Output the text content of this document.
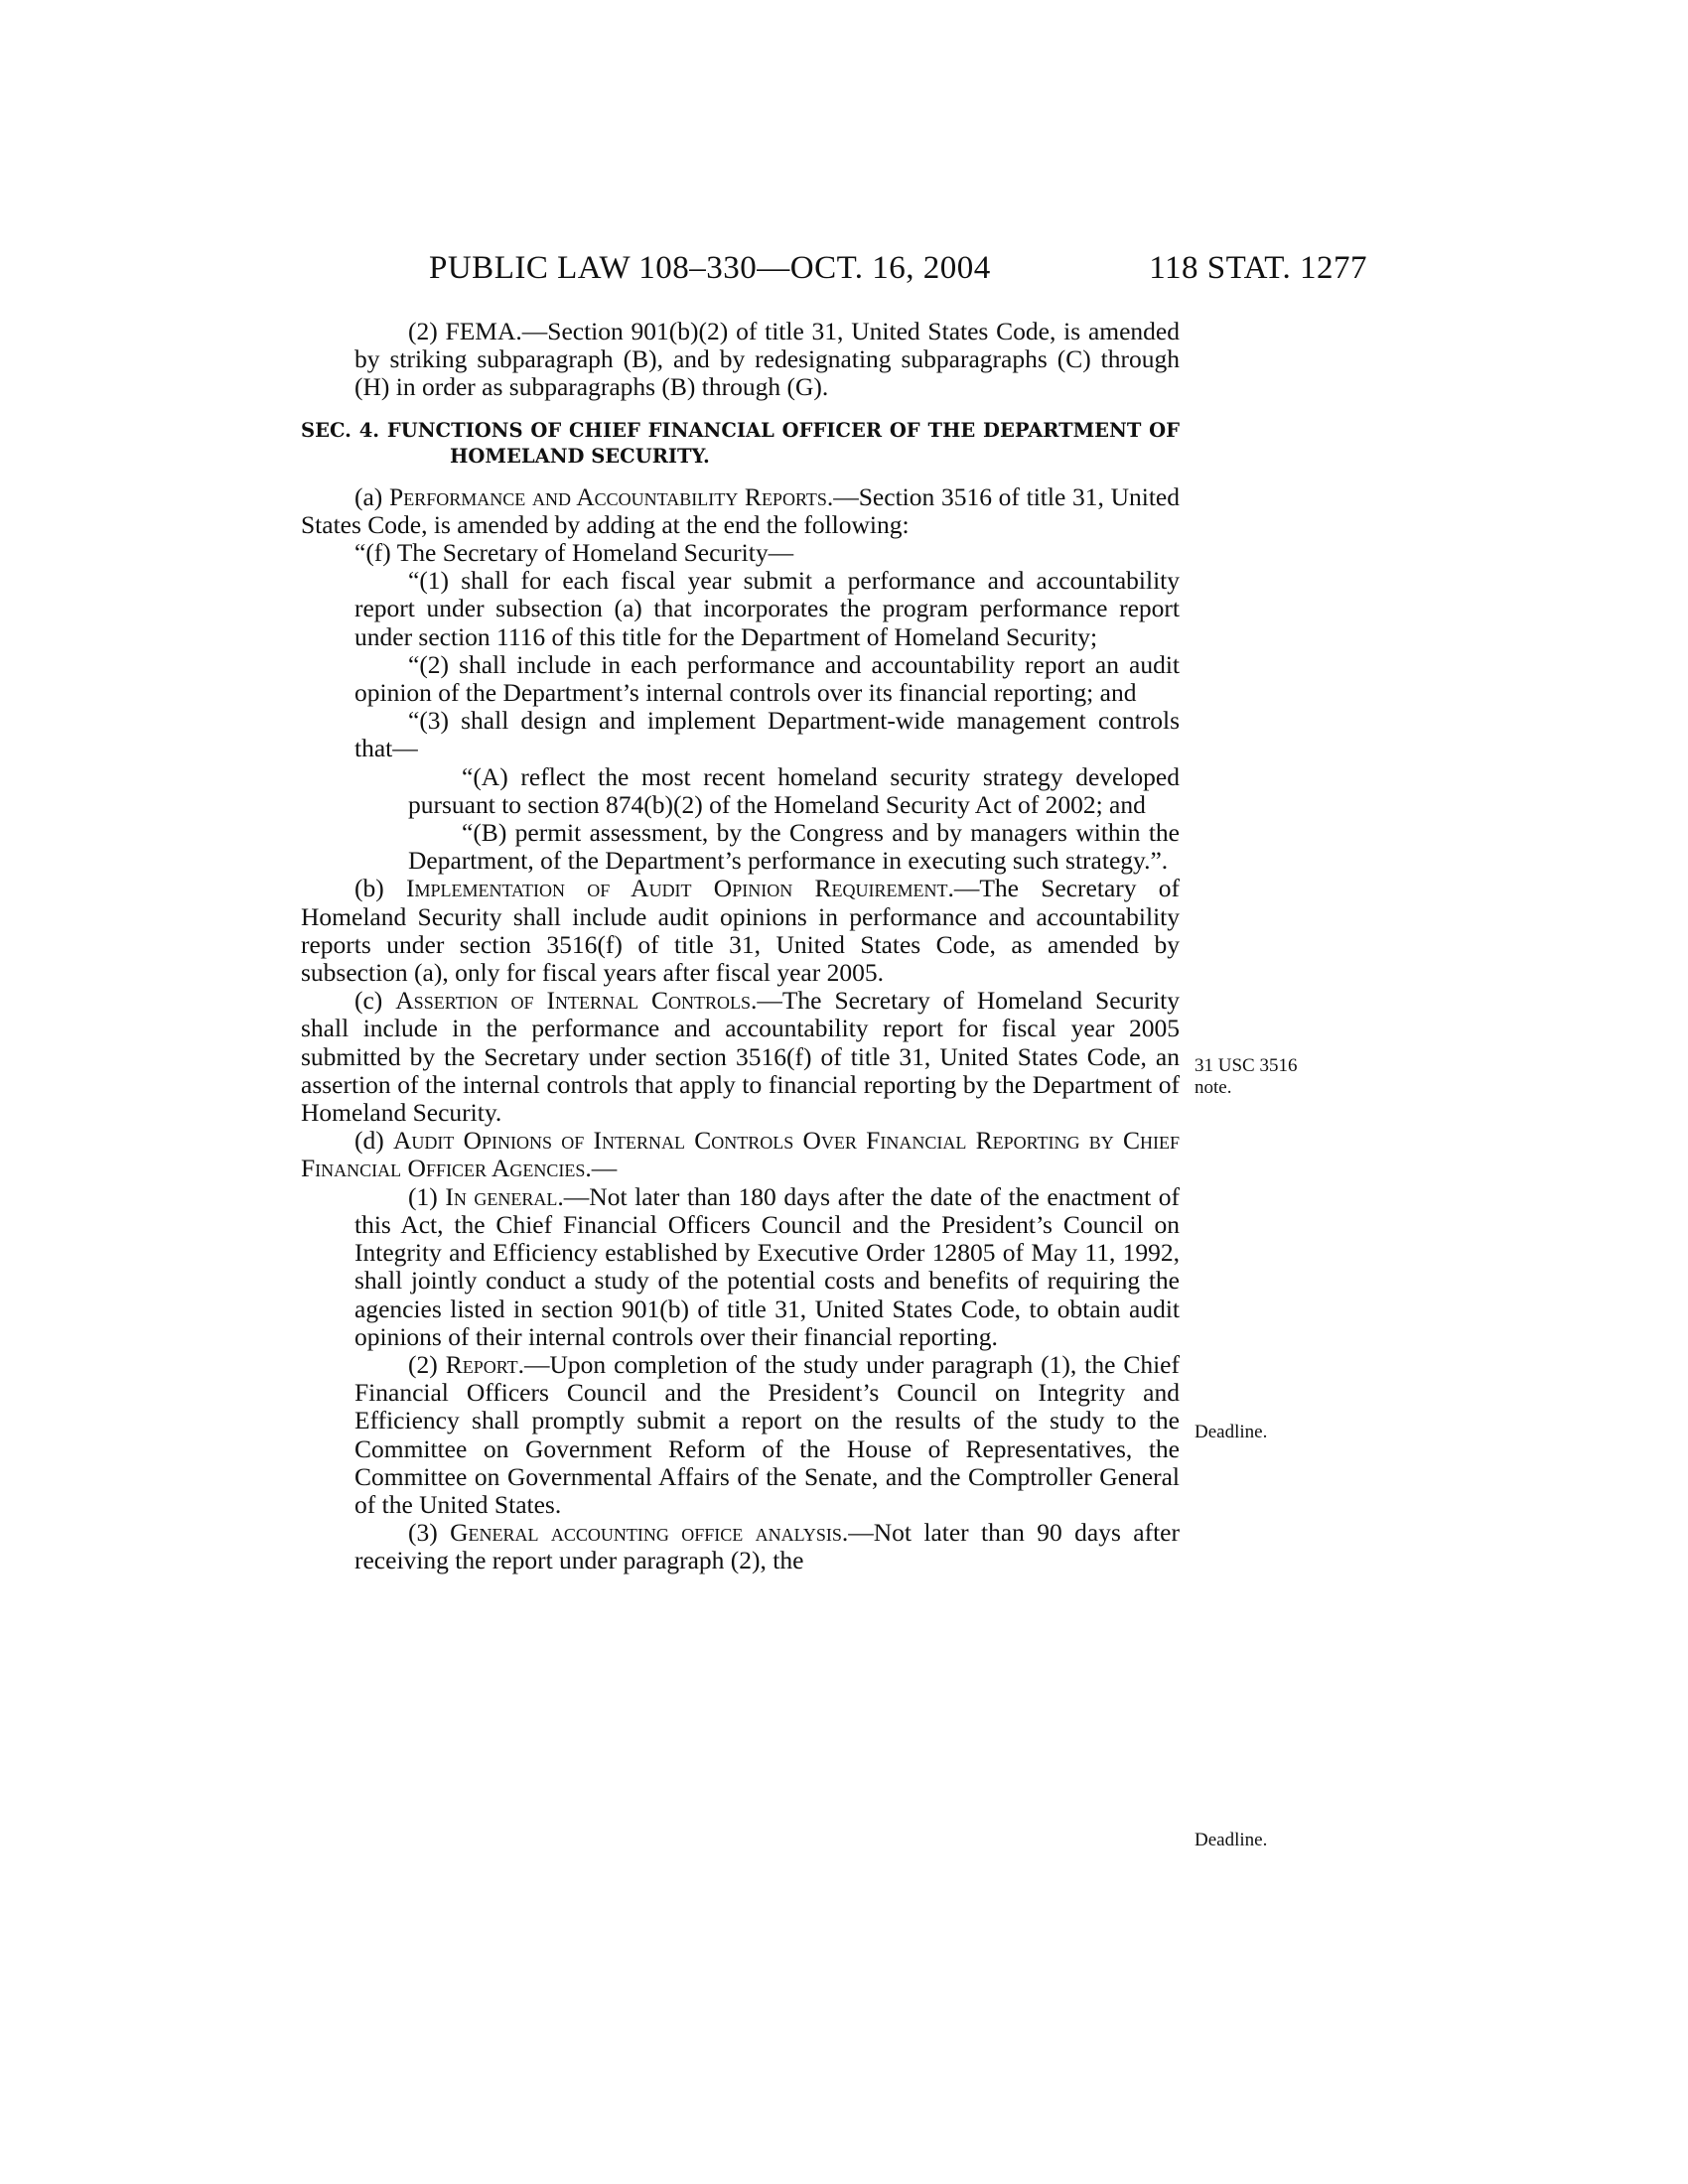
PUBLIC LAW 108–330—OCT. 16, 2004	118 STAT. 1277

(2) FEMA.—Section 901(b)(2) of title 31, United States Code, is amended by striking subparagraph (B), and by redesignating subparagraphs (C) through (H) in order as subparagraphs (B) through (G).

SEC. 4. FUNCTIONS OF CHIEF FINANCIAL OFFICER OF THE DEPARTMENT OF HOMELAND SECURITY.

(a) Performance and Accountability Reports.—Section 3516 of title 31, United States Code, is amended by adding at the end the following:

“(f) The Secretary of Homeland Security—

“(1) shall for each fiscal year submit a performance and accountability report under subsection (a) that incorporates the program performance report under section 1116 of this title for the Department of Homeland Security;

“(2) shall include in each performance and accountability report an audit opinion of the Department’s internal controls over its financial reporting; and

“(3) shall design and implement Department-wide management controls that—

“(A) reflect the most recent homeland security strategy developed pursuant to section 874(b)(2) of the Homeland Security Act of 2002; and

“(B) permit assessment, by the Congress and by managers within the Department, of the Department’s performance in executing such strategy.”.

(b) Implementation of Audit Opinion Requirement.—The Secretary of Homeland Security shall include audit opinions in performance and accountability reports under section 3516(f) of title 31, United States Code, as amended by subsection (a), only for fiscal years after fiscal year 2005.

(c) Assertion of Internal Controls.—The Secretary of Homeland Security shall include in the performance and accountability report for fiscal year 2005 submitted by the Secretary under section 3516(f) of title 31, United States Code, an assertion of the internal controls that apply to financial reporting by the Department of Homeland Security.

(d) Audit Opinions of Internal Controls Over Financial Reporting by Chief Financial Officer Agencies.—

(1) In general.—Not later than 180 days after the date of the enactment of this Act, the Chief Financial Officers Council and the President’s Council on Integrity and Efficiency established by Executive Order 12805 of May 11, 1992, shall jointly conduct a study of the potential costs and benefits of requiring the agencies listed in section 901(b) of title 31, United States Code, to obtain audit opinions of their internal controls over their financial reporting.

(2) Report.—Upon completion of the study under paragraph (1), the Chief Financial Officers Council and the President’s Council on Integrity and Efficiency shall promptly submit a report on the results of the study to the Committee on Government Reform of the House of Representatives, the Committee on Governmental Affairs of the Senate, and the Comptroller General of the United States.

(3) General accounting office analysis.—Not later than 90 days after receiving the report under paragraph (2), the

31 USC 3516 note.
Deadline.
Deadline.
